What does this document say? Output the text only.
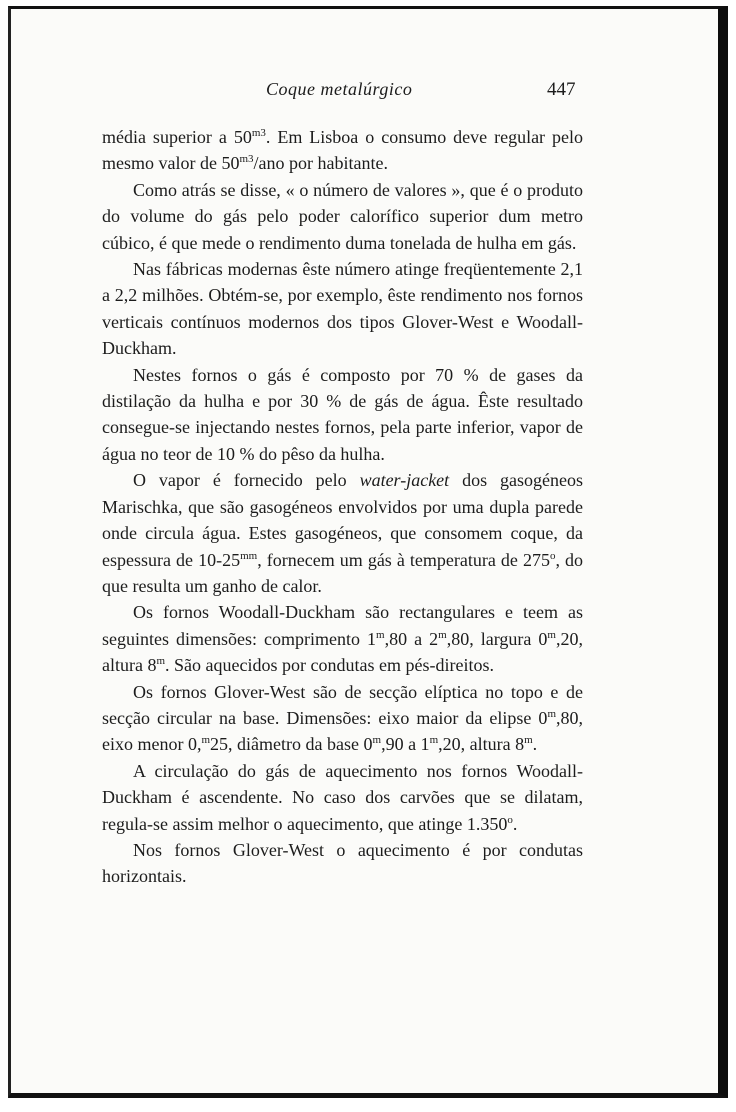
Coque metalúrgico	447

média superior a $50^{m3}$. Em Lisboa o consumo deve regular pelo mesmo valor de $50^{m3}$/ano por habitante.

Como atrás se disse, « o número de valores », que é o produto do volume do gás pelo poder calorífico superior dum metro cúbico, é que mede o rendimento duma tonelada de hulha em gás.

Nas fábricas modernas êste número atinge freqüentemente 2,1 a 2,2 milhões. Obtém-se, por exemplo, êste rendimento nos fornos verticais contínuos modernos dos tipos Glover-West e Woodall-Duckham.

Nestes fornos o gás é composto por 70 % de gases da distilação da hulha e por 30 % de gás de água. Êste resultado consegue-se injectando nestes fornos, pela parte inferior, vapor de água no teor de 10 % do pêso da hulha.

O vapor é fornecido pelo water-jacket dos gasogéneos Marischka, que são gasogéneos envolvidos por uma dupla parede onde circula água. Estes gasogéneos, que consomem coque, da espessura de $10-25^{mm}$, fornecem um gás à temperatura de 275$^o$, do que resulta um ganho de calor.

Os fornos Woodall-Duckham são rectangulares e teem as seguintes dimensões: comprimento 1$^m$,80 a 2$^m$,80, largura 0$^m$,20, altura 8$^m$. São aquecidos por condutas em pés-direitos.

Os fornos Glover-West são de secção elíptica no topo e de secção circular na base. Dimensões: eixo maior da elipse 0$^m$,80, eixo menor 0,$^m$25, diâmetro da base 0$^m$,90 a 1$^m$,20, altura 8$^m$.

A circulação do gás de aquecimento nos fornos Woodall-Duckham é ascendente. No caso dos carvões que se dilatam, regula-se assim melhor o aquecimento, que atinge 1.350$^o$.

Nos fornos Glover-West o aquecimento é por condutas horizontais.
